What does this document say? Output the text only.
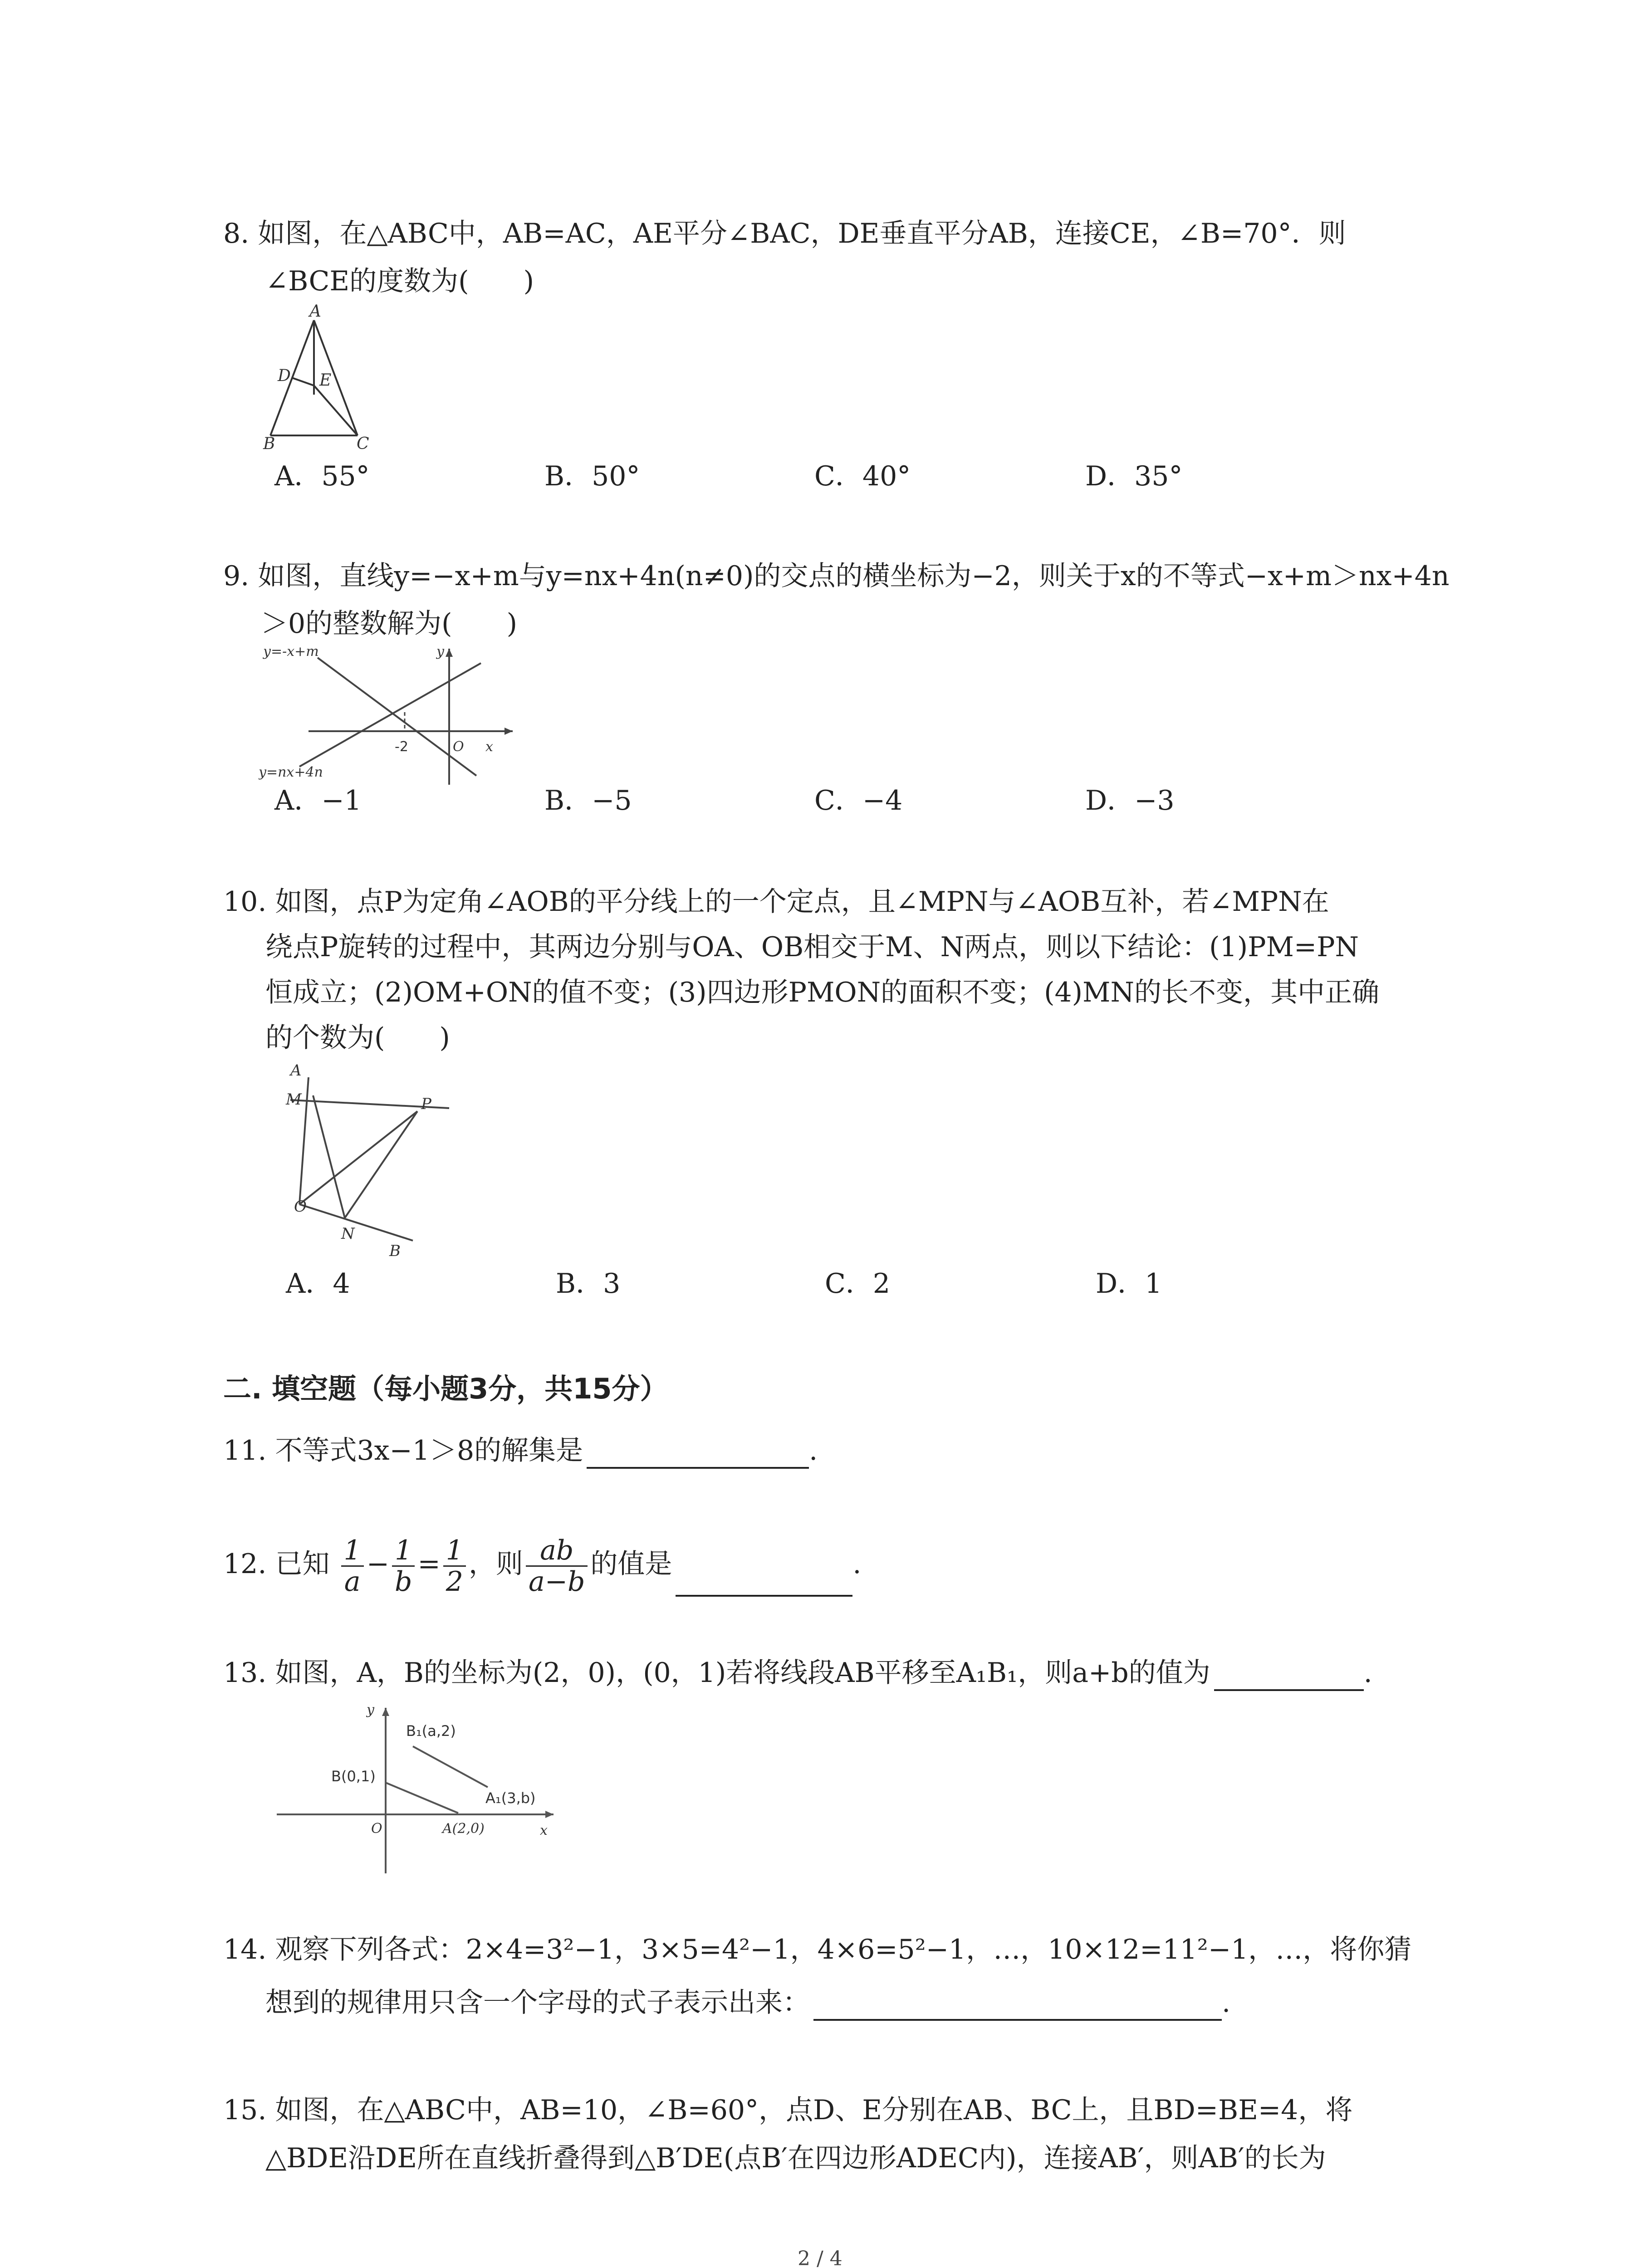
8. 如图，在△ABC中，AB=AC，AE平分∠BAC，DE垂直平分AB，连接CE，∠B=70°．则
∠BCE的度数为(　　)
A
D E
B	C
A．55°	B．50°	C．40°	D．35°
9. 如图，直线y=−x+m与y=nx+4n(n≠0)的交点的横坐标为−2，则关于x的不等式−x+m＞nx+4n
＞0的整数解为(　　)
y=-x+m
y=nx+4n
y
x
O
-2
A．−1	B．−5	C．−4	D．−3
10. 如图，点P为定角∠AOB的平分线上的一个定点，且∠MPN与∠AOB互补，若∠MPN在
绕点P旋转的过程中，其两边分别与OA、OB相交于M、N两点，则以下结论：(1)PM=PN
恒成立；(2)OM+ON的值不变；(3)四边形PMON的面积不变；(4)MN的长不变，其中正确
的个数为(　　)
A
M	P
O
N
B
A．4	B．3	C．2	D．1
二. 填空题（每小题3分，共15分）
11. 不等式3x−1＞8的解集是	.
12. 已知 $\frac{1}{a} - \frac{1}{b} = \frac{1}{2}$ ，则 $\frac{ab}{a-b}$ 的值是	.
13. 如图，A，B的坐标为(2，0)，(0，1)若将线段AB平移至A₁B₁，则a+b的值为	.
y
x
O
B(0,1)
A(2,0)
B₁(a,2)
A₁(3,b)
14. 观察下列各式：2×4=3²−1，3×5=4²−1，4×6=5²−1，…，10×12=11²−1，…，将你猜
想到的规律用只含一个字母的式子表示出来：	.
15. 如图，在△ABC中，AB=10，∠B=60°，点D、E分别在AB、BC上，且BD=BE=4，将
△BDE沿DE所在直线折叠得到△B′DE(点B′在四边形ADEC内)，连接AB′，则AB′的长为
2 / 4
